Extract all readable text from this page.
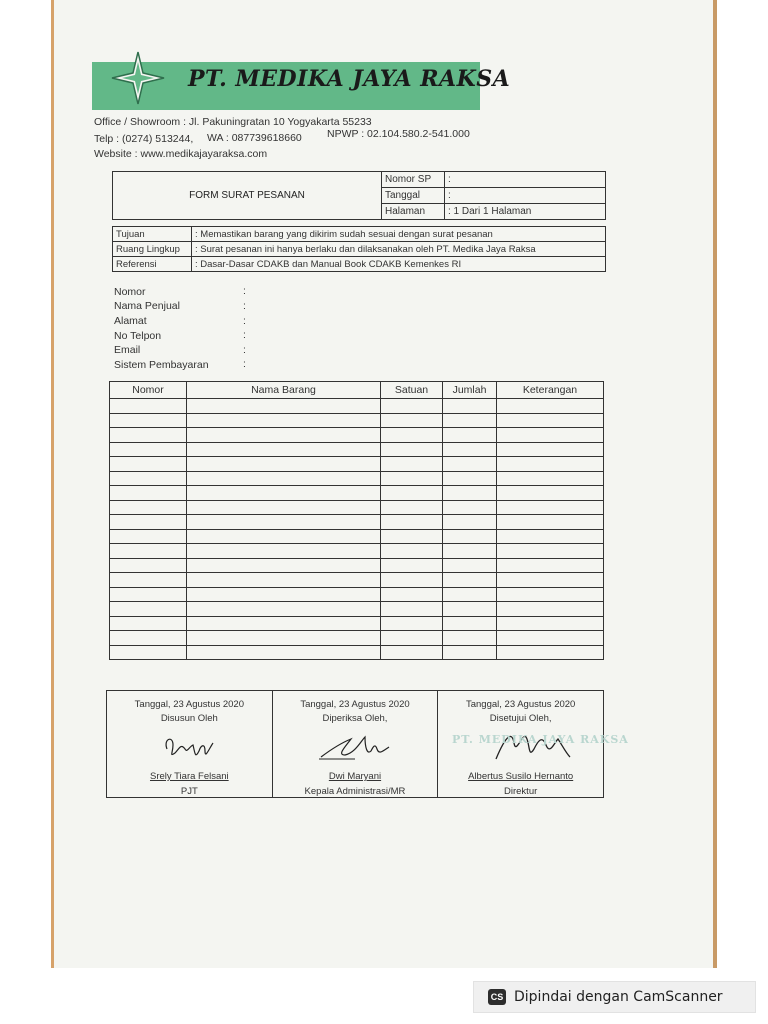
PT. MEDIKA JAYA RAKSA
Office / Showroom : Jl. Pakuningratan 10 Yogyakarta 55233
Telp : (0274) 513244, WA : 087739618660 NPWP : 02.104.580.2-541.000
Website : www.medikajayaraksa.com
FORM SURAT PESANAN	Nomor SP	:
	Tanggal	:
	Halaman	: 1 Dari 1 Halaman
Tujuan	: Memastikan barang yang dikirim sudah sesuai dengan surat pesanan
Ruang Lingkup	: Surat pesanan ini hanya berlaku dan dilaksanakan oleh PT. Medika Jaya Raksa
Referensi	: Dasar-Dasar CDAKB dan Manual Book CDAKB Kemenkes RI
Nomor	:
Nama Penjual	:
Alamat	:
No Telpon	:
Email	:
Sistem Pembayaran	:
Nomor	Nama Barang	Satuan	Jumlah	Keterangan

Tanggal, 23 Agustus 2020
Disusun Oleh
Srely Tiara Felsani
PJT

Tanggal, 23 Agustus 2020
Diperiksa Oleh,
Dwi Maryani
Kepala Administrasi/MR

Tanggal, 23 Agustus 2020
Disetujui Oleh,
Albertus Susilo Hernanto
Direktur
PT. MEDIKA JAYA RAKSA
CS Dipindai dengan CamScanner
